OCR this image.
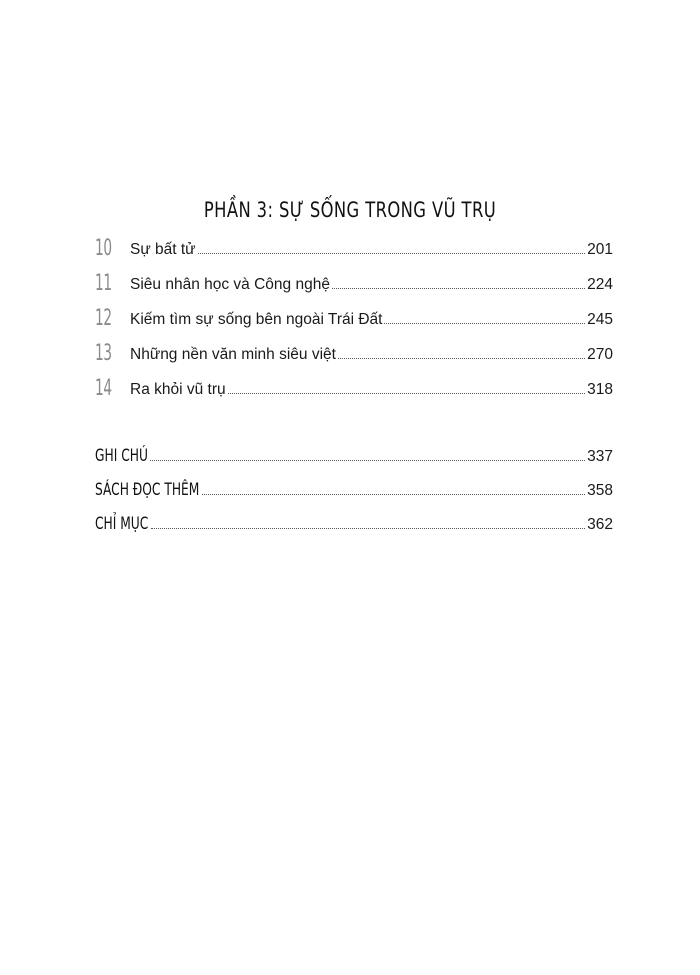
PHẦN 3: SỰ SỐNG TRONG VŨ TRỤ
10 Sự bất tử	201
11 Siêu nhân học và Công nghệ	224
12 Kiếm tìm sự sống bên ngoài Trái Đất	245
13 Những nền văn minh siêu việt	270
14 Ra khỏi vũ trụ	318
GHI CHÚ	337
SÁCH ĐỌC THÊM	358
CHỈ MỤC	362
